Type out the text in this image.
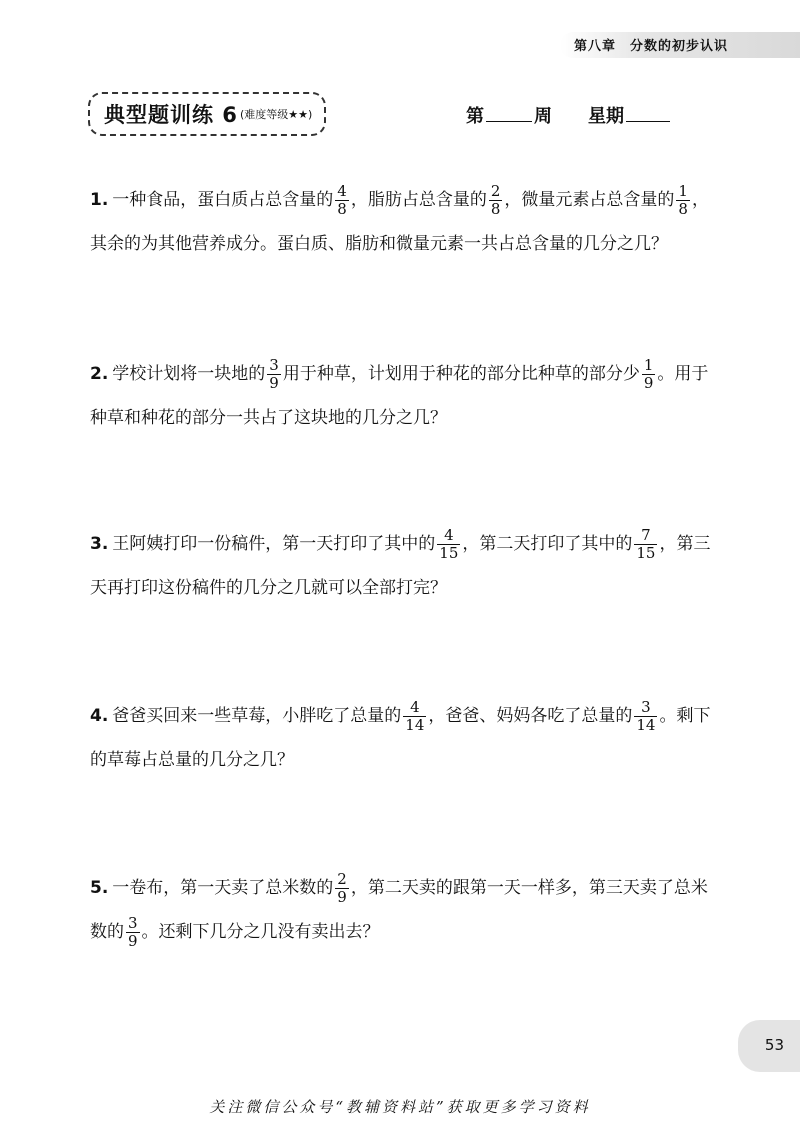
第八章　分数的初步认识
典型题训练 6 (难度等级★★)	第	周 星期
1. 一种食品，蛋白质占总含量的 $\frac{4}{8}$ ，脂肪占总含量的 $\frac{2}{8}$ ，微量元素占总含量的 $\frac{1}{8}$ ，其余的为其他营养成分。蛋白质、脂肪和微量元素一共占总含量的几分之几？
2. 学校计划将一块地的 $\frac{3}{9}$ 用于种草，计划用于种花的部分比种草的部分少 $\frac{1}{9}$ 。用于种草和种花的部分一共占了这块地的几分之几？
3. 王阿姨打印一份稿件，第一天打印了其中的 $\frac{4}{15}$ ，第二天打印了其中的 $\frac{7}{15}$ ，第三天再打印这份稿件的几分之几就可以全部打完？
4. 爸爸买回来一些草莓，小胖吃了总量的 $\frac{4}{14}$ ，爸爸、妈妈各吃了总量的 $\frac{3}{14}$ 。剩下的草莓占总量的几分之几？
5. 一卷布，第一天卖了总米数的 $\frac{2}{9}$ ，第二天卖的跟第一天一样多，第三天卖了总米数的 $\frac{3}{9}$ 。还剩下几分之几没有卖出去？
53
关注微信公众号“教辅资料站”获取更多学习资料
